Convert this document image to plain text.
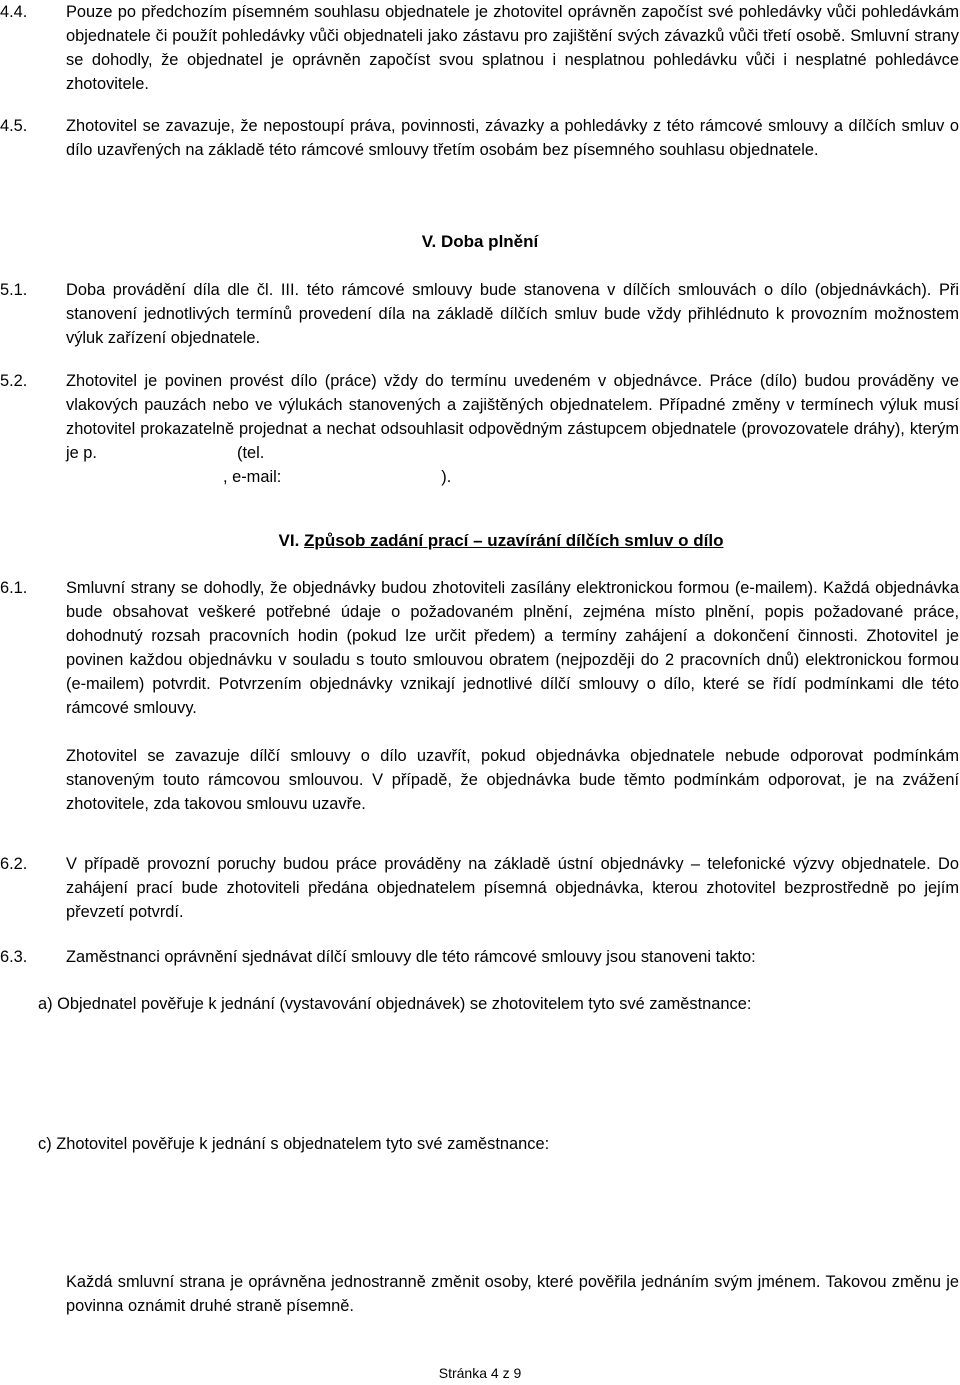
4.4.	Pouze po předchozím písemném souhlasu objednatele je zhotovitel oprávněn započíst své pohledávky vůči pohledávkám objednatele či použít pohledávky vůči objednateli jako zástavu pro zajištění svých závazků vůči třetí osobě. Smluvní strany se dohodly, že objednatel je oprávněn započíst svou splatnou i nesplatnou pohledávku vůči i nesplatné pohledávce zhotovitele.

4.5.	Zhotovitel se zavazuje, že nepostoupí práva, povinnosti, závazky a pohledávky z této rámcové smlouvy a dílčích smluv o dílo uzavřených na základě této rámcové smlouvy třetím osobám bez písemného souhlasu objednatele.

V. Doba plnění
5.1.	Doba provádění díla dle čl. III. této rámcové smlouvy bude stanovena v dílčích smlouvách o dílo (objednávkách). Při stanovení jednotlivých termínů provedení díla na základě dílčích smluv bude vždy přihlédnuto k provozním možnostem výluk zařízení objednatele.

5.2.	Zhotovitel je povinen provést dílo (práce) vždy do termínu uvedeném v objednávce. Práce (dílo) budou prováděny ve vlakových pauzách nebo ve výlukách stanovených a zajištěných objednatelem. Případné změny v termínech výluk musí zhotovitel prokazatelně projednat a nechat odsouhlasit odpovědným zástupcem objednatele (provozovatele dráhy), kterým je p.	(tel.

, e-mail:	).

VI. Způsob zadání prací – uzavírání dílčích smluv o dílo
6.1.	Smluvní strany se dohodly, že objednávky budou zhotoviteli zasílány elektronickou formou (e-mailem). Každá objednávka bude obsahovat veškeré potřebné údaje o požadovaném plnění, zejména místo plnění, popis požadované práce, dohodnutý rozsah pracovních hodin (pokud lze určit předem) a termíny zahájení a dokončení činnosti. Zhotovitel je povinen každou objednávku v souladu s touto smlouvou obratem (nejpozději do 2 pracovních dnů) elektronickou formou (e-mailem) potvrdit. Potvrzením objednávky vznikají jednotlivé dílčí smlouvy o dílo, které se řídí podmínkami dle této rámcové smlouvy.

Zhotovitel se zavazuje dílčí smlouvy o dílo uzavřít, pokud objednávka objednatele nebude odporovat podmínkám stanoveným touto rámcovou smlouvou. V případě, že objednávka bude těmto podmínkám odporovat, je na zvážení zhotovitele, zda takovou smlouvu uzavře.

6.2.	V případě provozní poruchy budou práce prováděny na základě ústní objednávky – telefonické výzvy objednatele. Do zahájení prací bude zhotoviteli předána objednatelem písemná objednávka, kterou zhotovitel bezprostředně po jejím převzetí potvrdí.

6.3.	Zaměstnanci oprávnění sjednávat dílčí smlouvy dle této rámcové smlouvy jsou stanoveni takto:

a) Objednatel pověřuje k jednání (vystavování objednávek) se zhotovitelem tyto své zaměstnance:
c) Zhotovitel pověřuje k jednání s objednatelem tyto své zaměstnance:

Každá smluvní strana je oprávněna jednostranně změnit osoby, které pověřila jednáním svým jménem. Takovou změnu je povinna oznámit druhé straně písemně.

Stránka 4 z 9
